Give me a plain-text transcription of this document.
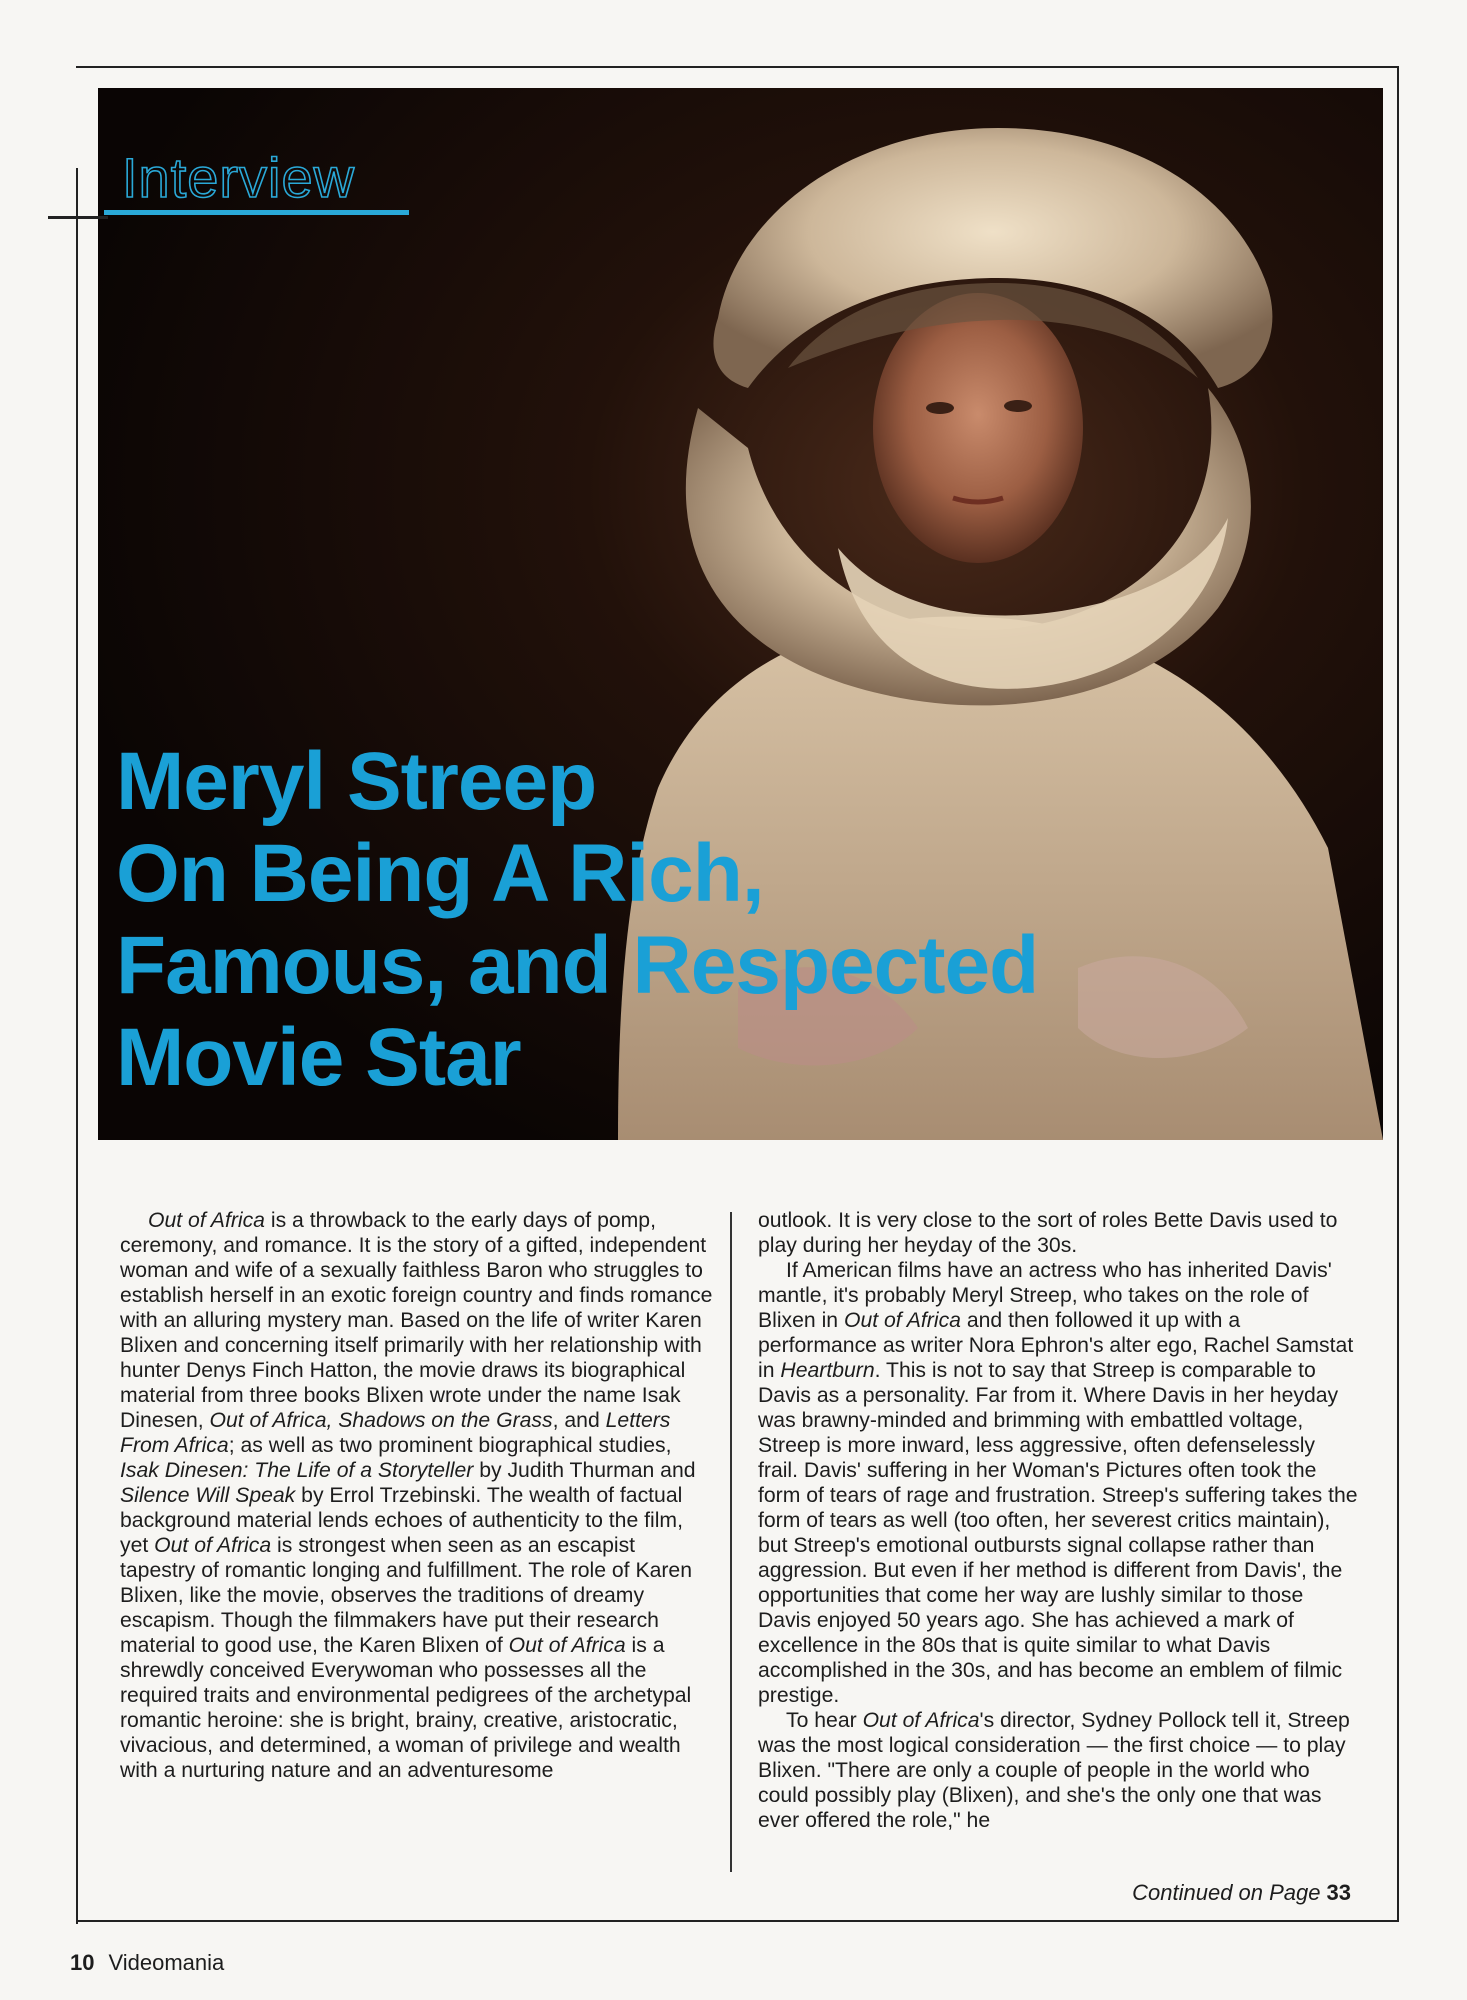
Interview
Meryl Streep
On Being A Rich,
Famous, and Respected
Movie Star

Out of Africa is a throwback to the early days of pomp, ceremony, and romance. It is the story of a gifted, independent woman and wife of a sexually faithless Baron who struggles to establish herself in an exotic foreign country and finds romance with an alluring mystery man. Based on the life of writer Karen Blixen and concerning itself primarily with her relationship with hunter Denys Finch Hatton, the movie draws its biographical material from three books Blixen wrote under the name Isak Dinesen, Out of Africa, Shadows on the Grass, and Letters From Africa; as well as two prominent biographical studies, Isak Dinesen: The Life of a Storyteller by Judith Thurman and Silence Will Speak by Errol Trzebinski. The wealth of factual background material lends echoes of authenticity to the film, yet Out of Africa is strongest when seen as an escapist tapestry of romantic longing and fulfillment. The role of Karen Blixen, like the movie, observes the traditions of dreamy escapism. Though the filmmakers have put their research material to good use, the Karen Blixen of Out of Africa is a shrewdly conceived Everywoman who possesses all the required traits and environmental pedigrees of the archetypal romantic heroine: she is bright, brainy, creative, aristocratic, vivacious, and determined, a woman of privilege and wealth with a nurturing nature and an adventuresome

outlook. It is very close to the sort of roles Bette Davis used to play during her heyday of the 30s.

If American films have an actress who has inherited Davis' mantle, it's probably Meryl Streep, who takes on the role of Blixen in Out of Africa and then followed it up with a performance as writer Nora Ephron's alter ego, Rachel Samstat in Heartburn. This is not to say that Streep is comparable to Davis as a personality. Far from it. Where Davis in her heyday was brawny-minded and brimming with embattled voltage, Streep is more inward, less aggressive, often defenselessly frail. Davis' suffering in her Woman's Pictures often took the form of tears of rage and frustration. Streep's suffering takes the form of tears as well (too often, her severest critics maintain), but Streep's emotional outbursts signal collapse rather than aggression. But even if her method is different from Davis', the opportunities that come her way are lushly similar to those Davis enjoyed 50 years ago. She has achieved a mark of excellence in the 80s that is quite similar to what Davis accomplished in the 30s, and has become an emblem of filmic prestige.

To hear Out of Africa's director, Sydney Pollock tell it, Streep was the most logical consideration — the first choice — to play Blixen. "There are only a couple of people in the world who could possibly play (Blixen), and she's the only one that was ever offered the role," he

Continued on Page 33
10 Videomania
